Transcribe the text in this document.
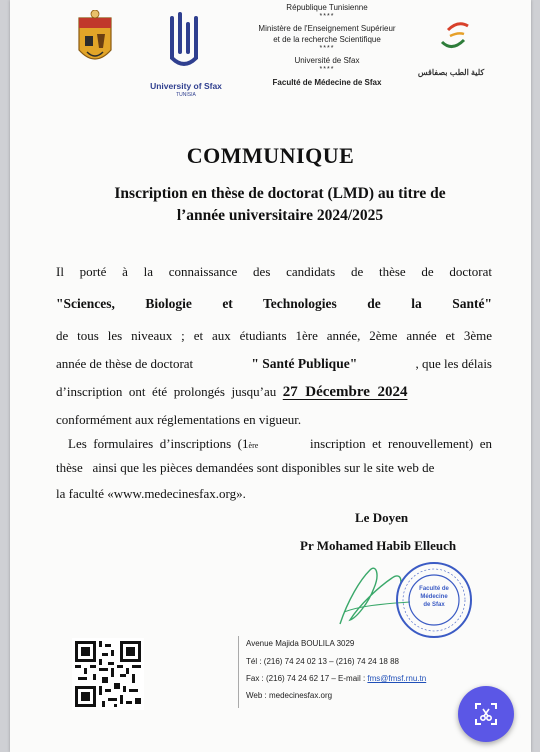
University of Sfax
TUNISIA
République Tunisienne
****
Ministère de l'Enseignement Supérieur
et de la recherche Scientifique
****
Université de Sfax
****
Faculté de Médecine de Sfax
كلية الطب بصفاقس
COMMUNIQUE
Inscription en thèse de doctorat (LMD) au titre de
l’année universitaire 2024/2025
Il porté à la connaissance des candidats de thèse de doctorat
"Sciences, Biologie et Technologies de la Santé"
de tous les niveaux ; et aux étudiants 1ère année, 2ème année et 3ème
année de thèse de doctorat	" Santé Publique"	, que les délais
d’inscription  ont  été  prolongés  jusqu’au 27  Décembre  2024
conformément aux réglementations en vigueur.
Les  formulaires  d’inscriptions  (1 ère	inscription  et  renouvellement)  en
thèse   ainsi que les pièces demandées sont disponibles sur le site web de
la faculté «www.medecinesfax.org».
Le Doyen
Pr Mohamed Habib Elleuch
Faculté de Médecine de Sfax
Avenue Majida BOULILA 3029
Tél : (216) 74 24 02 13 – (216) 74 24 18 88
Fax : (216) 74 24 62 17 – E-mail : fms@fmsf.rnu.tn
Web : medecinesfax.org
